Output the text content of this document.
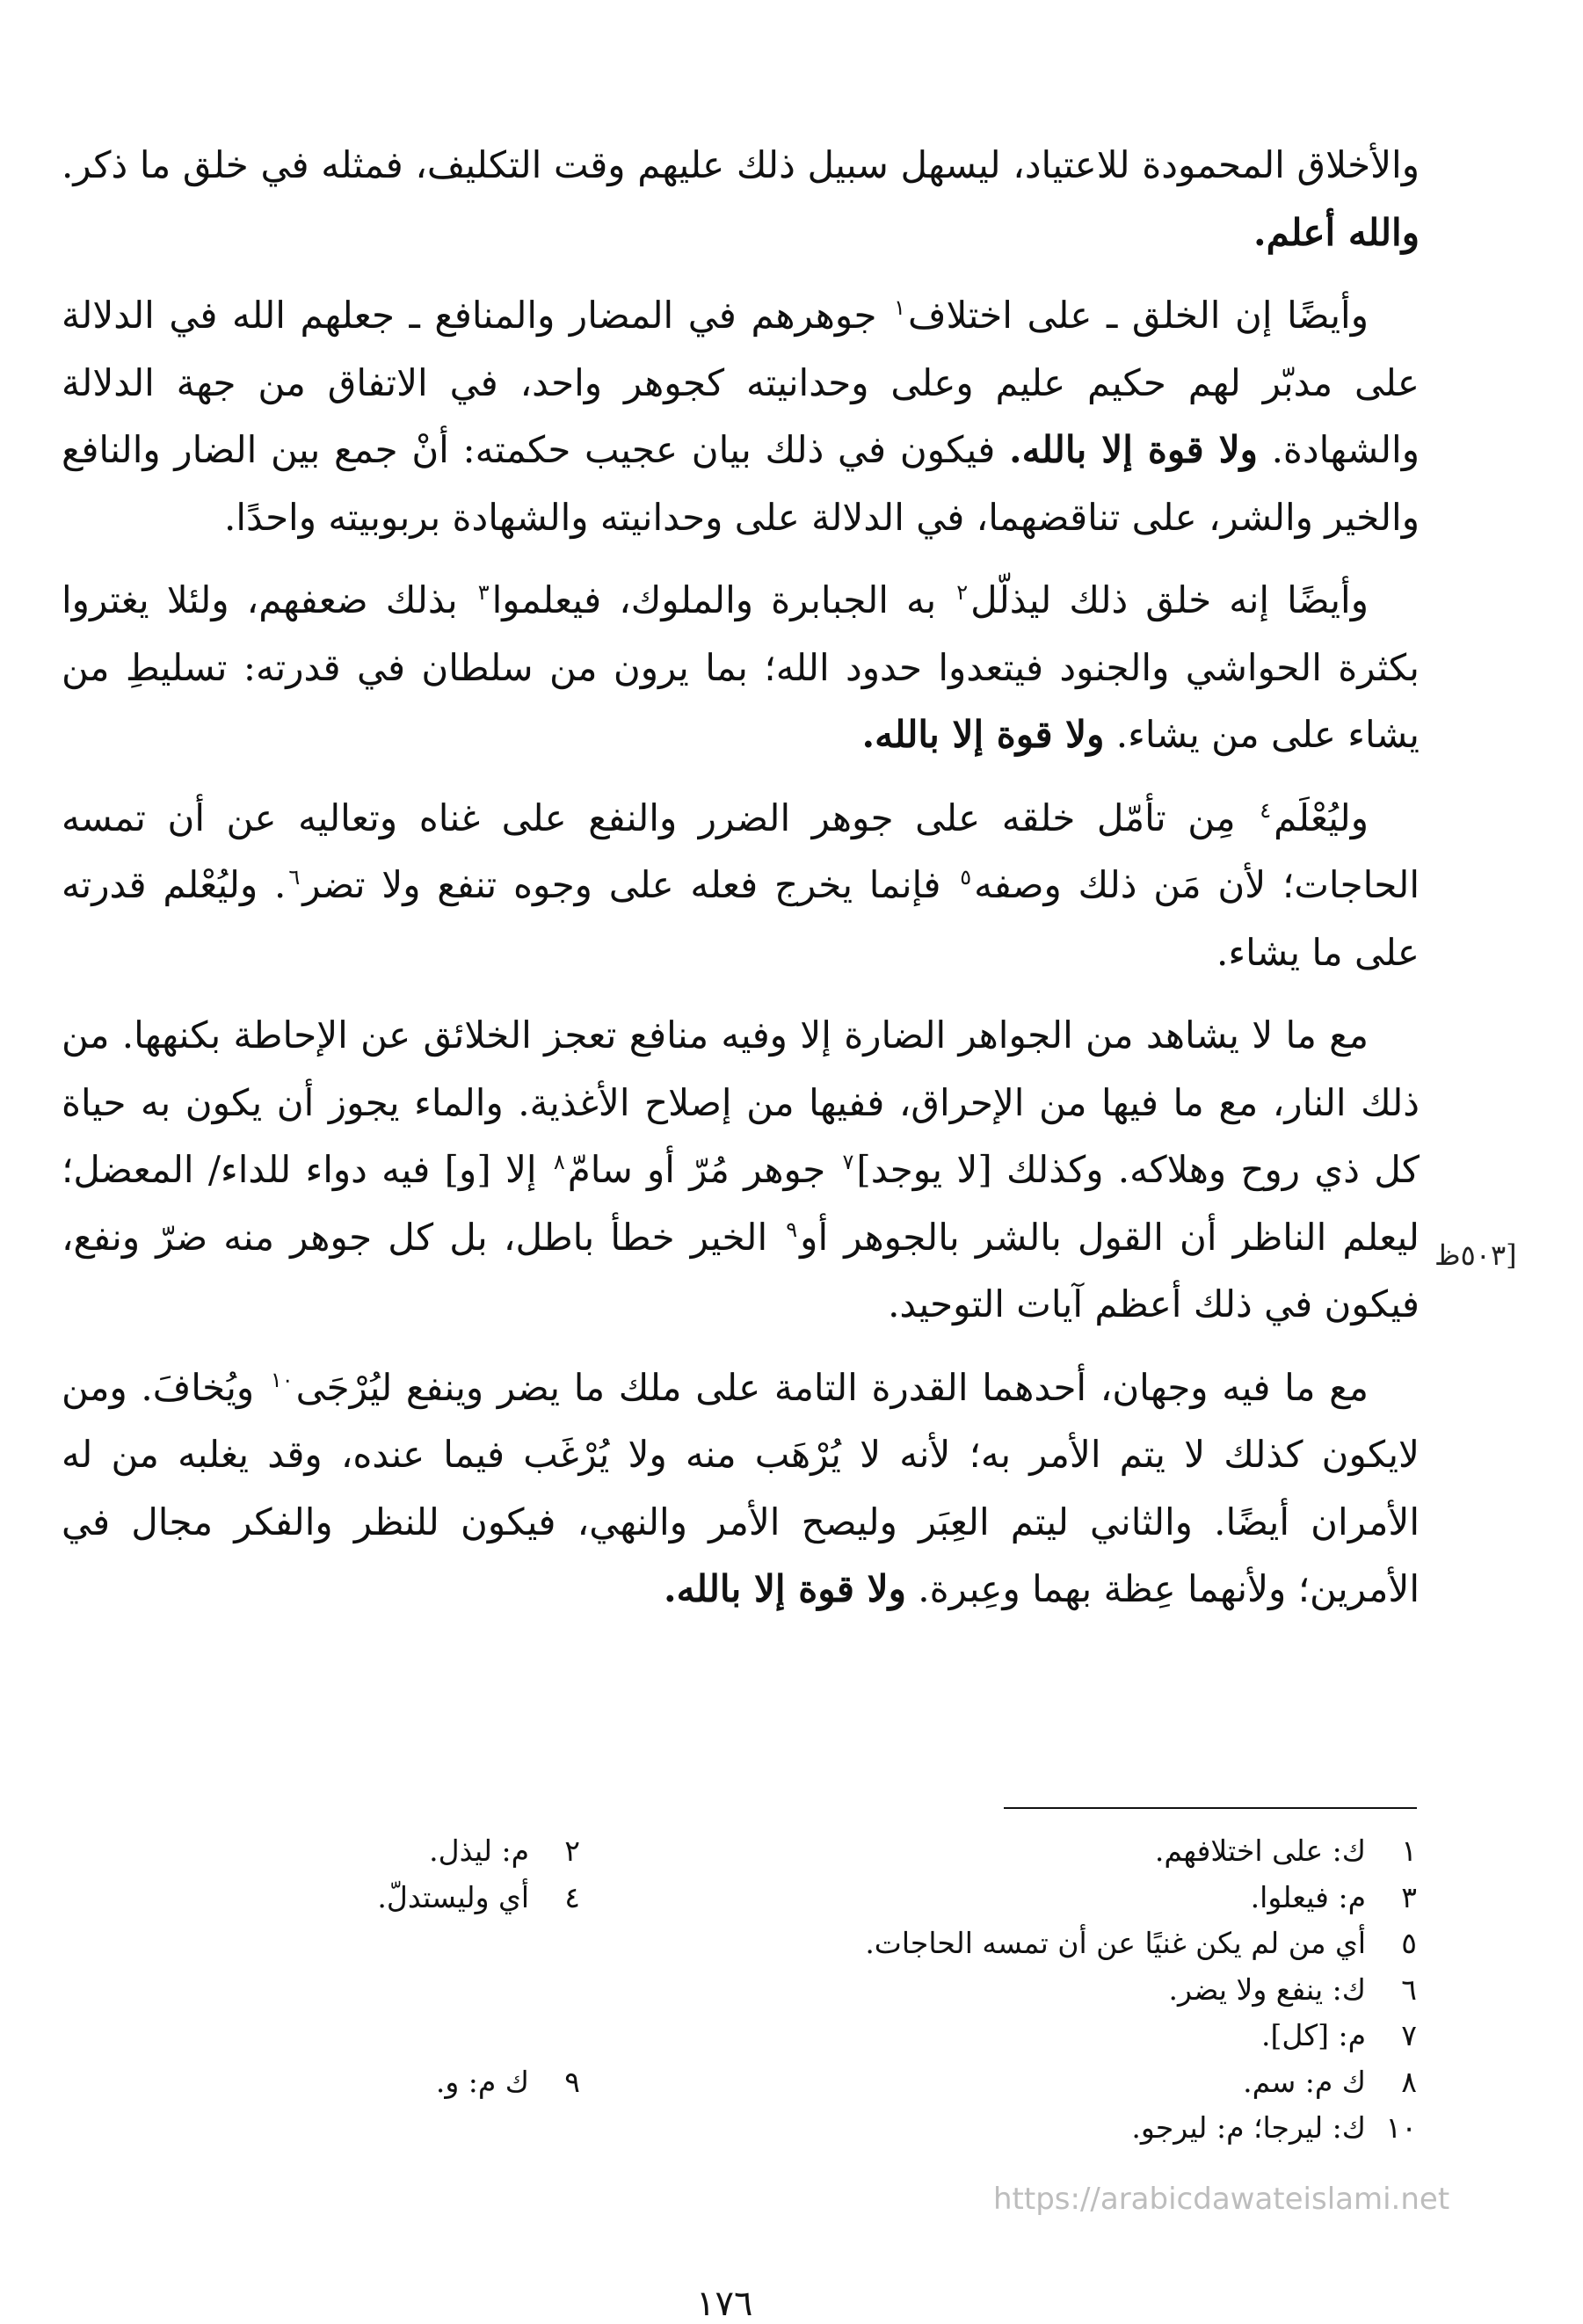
والأخلاق المحمودة للاعتياد، ليسهل سبيل ذلك عليهم وقت التكليف، فمثله في خلق ما ذكر. والله أعلم.

وأيضًا إن الخلق ـ على اختلاف$^١$ جوهرهم في المضار والمنافع ـ جعلهم الله في الدلالة على مدبّر لهم حكيم عليم وعلى وحدانيته كجوهر واحد، في الاتفاق من جهة الدلالة والشهادة. ولا قوة إلا بالله. فيكون في ذلك بيان عجيب حكمته: أنْ جمع بين الضار والنافع والخير والشر، على تناقضهما، في الدلالة على وحدانيته والشهادة بربوبيته واحدًا.

وأيضًا إنه خلق ذلك ليذلّل$^٢$ به الجبابرة والملوك، فيعلموا$^٣$ بذلك ضعفهم، ولئلا يغتروا بكثرة الحواشي والجنود فيتعدوا حدود الله؛ بما يرون من سلطان في قدرته: تسليطِ من يشاء على من يشاء. ولا قوة إلا بالله.

وليُعْلَم$^٤$ مِن تأمّل خلقه على جوهر الضرر والنفع على غناه وتعاليه عن أن تمسه الحاجات؛ لأن مَن ذلك وصفه$^٥$ فإنما يخرج فعله على وجوه تنفع ولا تضر$^٦$. وليُعْلم قدرته على ما يشاء.

مع ما لا يشاهد من الجواهر الضارة إلا وفيه منافع تعجز الخلائق عن الإحاطة بكنهها. من ذلك النار، مع ما فيها من الإحراق، ففيها من إصلاح الأغذية. والماء يجوز أن يكون به حياة كل ذي روح وهلاكه. وكذلك [لا يوجد]$^٧$ جوهر مُرّ أو سامّ$^٨$ إلا [و] فيه دواء للداء/ المعضل؛ ليعلم الناظر أن القول بالشر بالجوهر أو$^٩$ الخير خطأ باطل، بل كل جوهر منه ضرّ ونفع، فيكون في ذلك أعظم آيات التوحيد.

مع ما فيه وجهان، أحدهما القدرة التامة على ملك ما يضر وينفع ليُرْجَى$^{١٠}$ ويُخافَ. ومن لايكون كذلك لا يتم الأمر به؛ لأنه لا يُرْهَب منه ولا يُرْغَب فيما عنده، وقد يغلبه من له الأمران أيضًا. والثاني ليتم العِبَر وليصح الأمر والنهي، فيكون للنظر والفكر مجال في الأمرين؛ ولأنهما عِظة بهما وعِبرة. ولا قوة إلا بالله.

[٥٠٣ظ
١
ك: على اختلافهم.
٣
م: فيعلوا.
٥
أي من لم يكن غنيًا عن أن تمسه الحاجات.
٦
ك: ينفع ولا يضر.
٧
م: [كل].
٨
ك م: سم.
١٠
ك: ليرجا؛ م: ليرجو.
٢
م: ليذل.
٤
أي وليستدلّ.
٩
ك م: و.
https://arabicdawateislami.net
١٧٦
